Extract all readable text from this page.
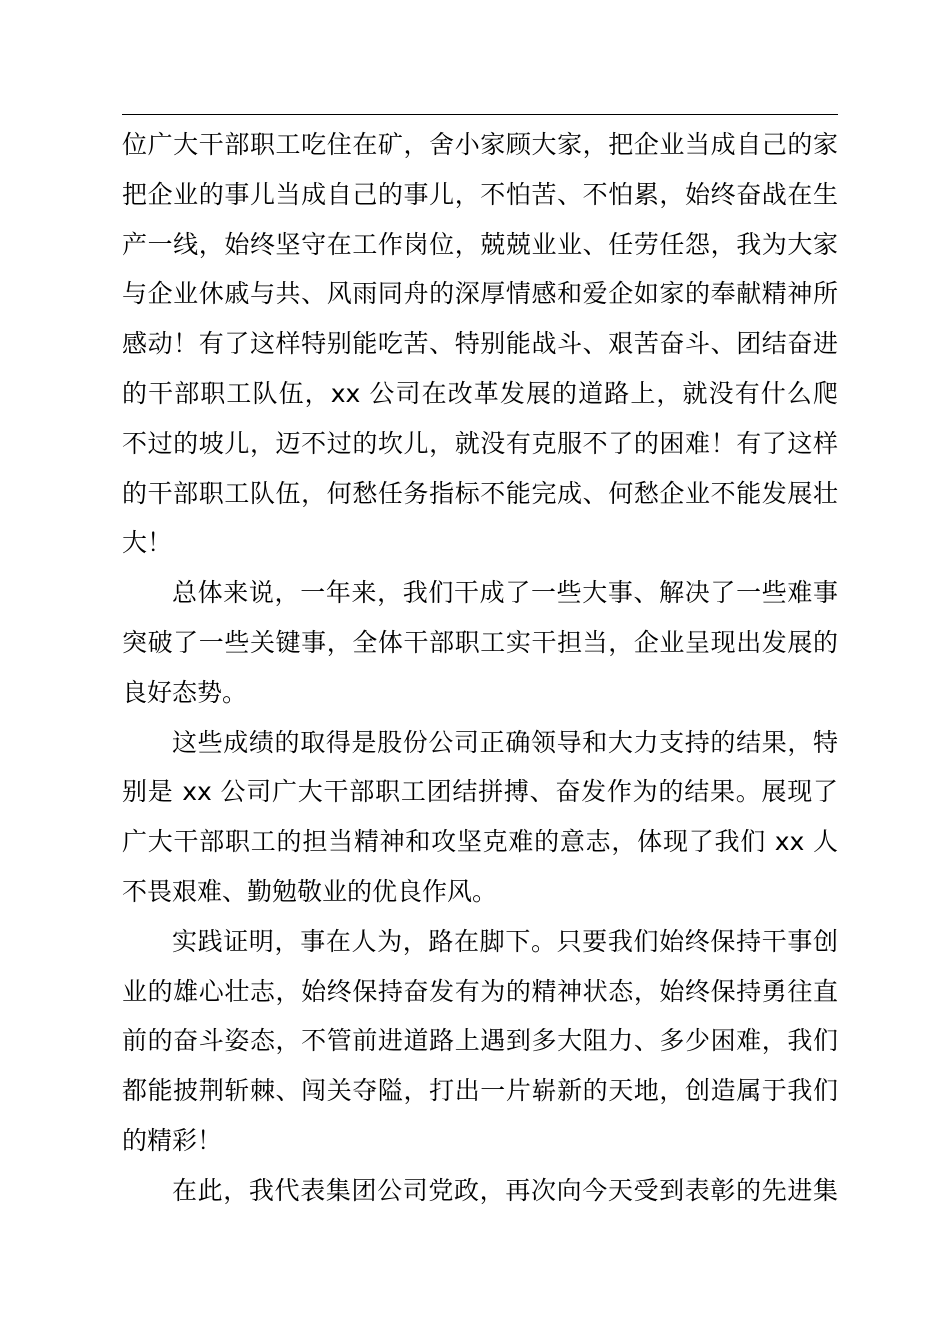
位广大干部职工吃住在矿，舍小家顾大家，把企业当成自己的家
把企业的事儿当成自己的事儿，不怕苦、不怕累，始终奋战在生
产一线，始终坚守在工作岗位，兢兢业业、任劳任怨，我为大家
与企业休戚与共、风雨同舟的深厚情感和爱企如家的奉献精神所
感动！有了这样特别能吃苦、特别能战斗、艰苦奋斗、团结奋进
的干部职工队伍，xx 公司在改革发展的道路上，就没有什么爬
不过的坡儿，迈不过的坎儿，就没有克服不了的困难！有了这样
的干部职工队伍，何愁任务指标不能完成、何愁企业不能发展壮
大！
总体来说，一年来，我们干成了一些大事、解决了一些难事
突破了一些关键事，全体干部职工实干担当，企业呈现出发展的
良好态势。
这些成绩的取得是股份公司正确领导和大力支持的结果，特
别是 xx 公司广大干部职工团结拼搏、奋发作为的结果。展现了
广大干部职工的担当精神和攻坚克难的意志，体现了我们 xx 人
不畏艰难、勤勉敬业的优良作风。
实践证明，事在人为，路在脚下。只要我们始终保持干事创
业的雄心壮志，始终保持奋发有为的精神状态，始终保持勇往直
前的奋斗姿态，不管前进道路上遇到多大阻力、多少困难，我们
都能披荆斩棘、闯关夺隘，打出一片崭新的天地，创造属于我们
的精彩！
在此，我代表集团公司党政，再次向今天受到表彰的先进集
